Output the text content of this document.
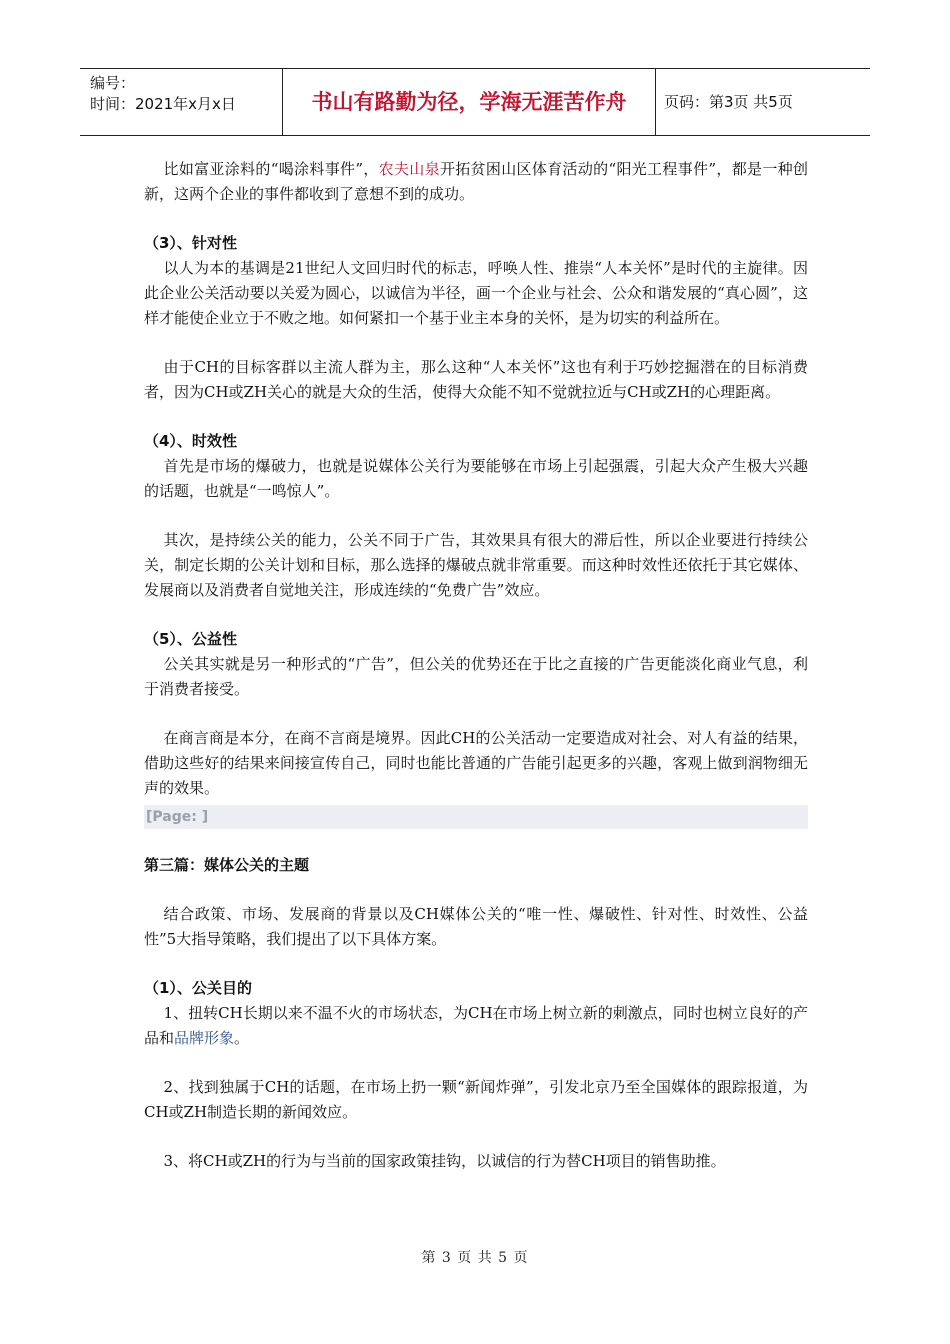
编号：
时间：2021年x月x日	书山有路勤为径，学海无涯苦作舟	页码：第3页 共5页

比如富亚涂料的“喝涂料事件”，农夫山泉开拓贫困山区体育活动的“阳光工程事件”，都是一种创新，这两个企业的事件都收到了意想不到的成功。

（3）、针对性

以人为本的基调是21世纪人文回归时代的标志，呼唤人性、推崇“人本关怀”是时代的主旋律。因此企业公关活动要以关爱为圆心，以诚信为半径，画一个企业与社会、公众和谐发展的“真心圆”，这样才能使企业立于不败之地。如何紧扣一个基于业主本身的关怀，是为切实的利益所在。

由于CH的目标客群以主流人群为主，那么这种“人本关怀”这也有利于巧妙挖掘潜在的目标消费者，因为CH或ZH关心的就是大众的生活，使得大众能不知不觉就拉近与CH或ZH的心理距离。

（4）、时效性

首先是市场的爆破力，也就是说媒体公关行为要能够在市场上引起强震，引起大众产生极大兴趣的话题，也就是“一鸣惊人”。

其次，是持续公关的能力，公关不同于广告，其效果具有很大的滞后性，所以企业要进行持续公关，制定长期的公关计划和目标，那么选择的爆破点就非常重要。而这种时效性还依托于其它媒体、发展商以及消费者自觉地关注，形成连续的“免费广告”效应。

（5）、公益性

公关其实就是另一种形式的“广告”，但公关的优势还在于比之直接的广告更能淡化商业气息，利于消费者接受。

在商言商是本分，在商不言商是境界。因此CH的公关活动一定要造成对社会、对人有益的结果，借助这些好的结果来间接宣传自己，同时也能比普通的广告能引起更多的兴趣，客观上做到润物细无声的效果。

[Page: ]
第三篇：媒体公关的主题

结合政策、市场、发展商的背景以及CH媒体公关的“唯一性、爆破性、针对性、时效性、公益性”5大指导策略，我们提出了以下具体方案。

（1）、公关目的

1、扭转CH长期以来不温不火的市场状态，为CH在市场上树立新的刺激点，同时也树立良好的产品和品牌形象。

2、找到独属于CH的话题，在市场上扔一颗“新闻炸弹”，引发北京乃至全国媒体的跟踪报道，为CH或ZH制造长期的新闻效应。

3、将CH或ZH的行为与当前的国家政策挂钩，以诚信的行为替CH项目的销售助推。

第 3 页 共 5 页
